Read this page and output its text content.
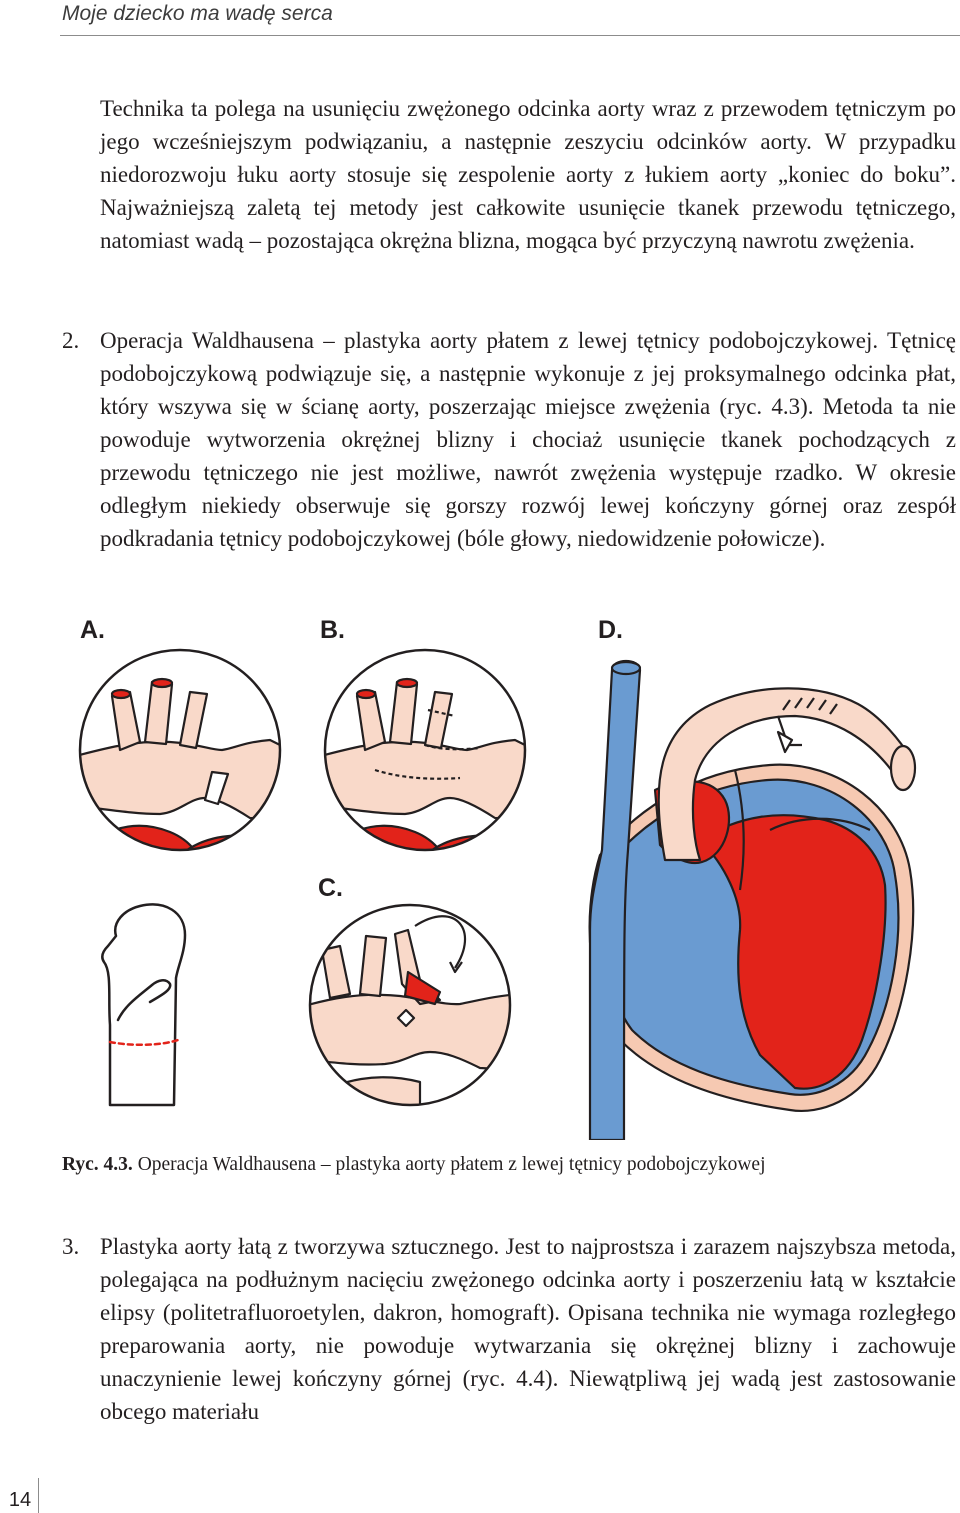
Moje dziecko ma wadę serca

Technika ta polega na usunięciu zwężonego odcinka aorty wraz z przewodem tętniczym po jego wcześniejszym podwiązaniu, a następnie zeszyciu odcinków aorty. W przypadku niedorozwoju łuku aorty stosuje się zespolenie aorty z łukiem aorty „koniec do boku”. Najważniejszą zaletą tej metody jest całkowite usunięcie tkanek przewodu tętniczego, natomiast wadą – pozostająca okrężna blizna, mogąca być przyczyną nawrotu zwężenia.

2. Operacja Waldhausena – plastyka aorty płatem z lewej tętnicy podobojczykowej. Tętnicę podobojczykową podwiązuje się, a następnie wykonuje z jej proksymalnego odcinka płat, który wszywa się w ścianę aorty, poszerzając miejsce zwężenia (ryc. 4.3). Metoda ta nie powoduje wytworzenia okrężnej blizny i chociaż usunięcie tkanek pochodzących z przewodu tętniczego nie jest możliwe, nawrót zwężenia występuje rzadko. W okresie odległym niekiedy obserwuje się gorszy rozwój lewej kończyny górnej oraz zespół podkradania tętnicy podobojczykowej (bóle głowy, niedowidzenie połowicze).

A.	B.
C.
D.

Ryc. 4.3. Operacja Waldhausena – plastyka aorty płatem z lewej tętnicy podobojczykowej

3. Plastyka aorty łatą z tworzywa sztucznego. Jest to najprostsza i zarazem najszybsza metoda, polegająca na podłużnym nacięciu zwężonego odcinka aorty i poszerzeniu łatą w kształcie elipsy (politetrafluoroetylen, dakron, homograft). Opisana technika nie wymaga rozległego preparowania aorty, nie powoduje wytwarzania się okrężnej blizny i zachowuje unaczynienie lewej kończyny górnej (ryc. 4.4). Niewątpliwą jej wadą jest zastosowanie obcego materiału

14
